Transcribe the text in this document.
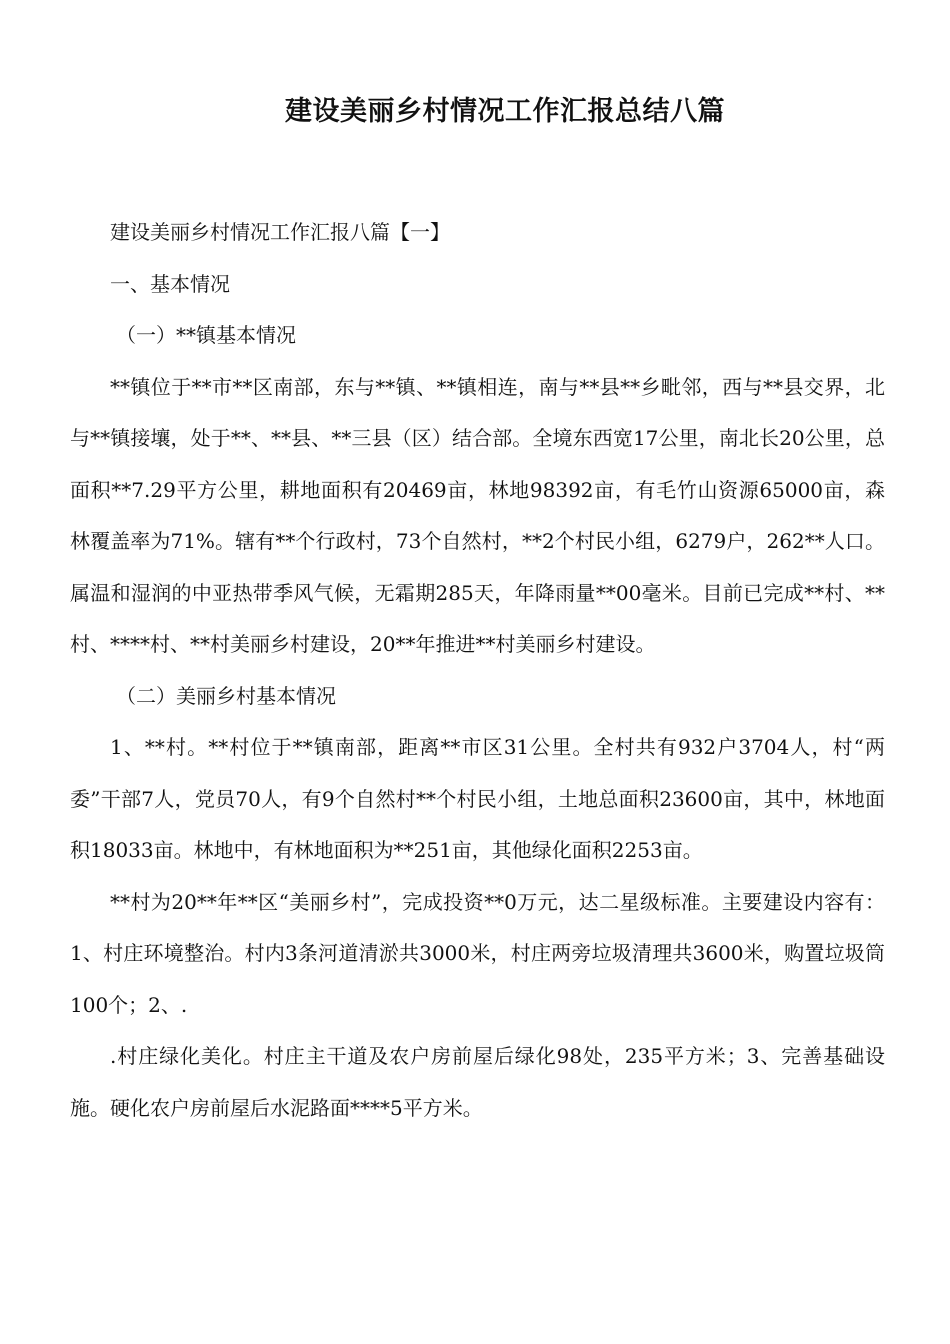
建设美丽乡村情况工作汇报总结八篇

建设美丽乡村情况工作汇报八篇【一】

一、基本情况

（一）**镇基本情况

**镇位于**市**区南部，东与**镇、**镇相连，南与**县**乡毗邻，西与**县交界，北与**镇接壤，处于**、**县、**三县（区）结合部。全境东西宽17公里，南北长20公里，总面积**7.29平方公里，耕地面积有20469亩，林地98392亩，有毛竹山资源65000亩，森林覆盖率为71%。辖有**个行政村，73个自然村，**2个村民小组，6279户，262**人口。属温和湿润的中亚热带季风气候，无霜期285天，年降雨量**00毫米。目前已完成**村、**村、****村、**村美丽乡村建设，20**年推进**村美丽乡村建设。

（二）美丽乡村基本情况

1、**村。**村位于**镇南部，距离**市区31公里。全村共有932户3704人，村“两委”干部7人，党员70人，有9个自然村**个村民小组，土地总面积23600亩，其中，林地面积18033亩。林地中，有林地面积为**251亩，其他绿化面积2253亩。

**村为20**年**区“美丽乡村”，完成投资**0万元，达二星级标准。主要建设内容有：1、村庄环境整治。村内3条河道清淤共3000米，村庄两旁垃圾清理共3600米，购置垃圾筒100个；2、.

.村庄绿化美化。村庄主干道及农户房前屋后绿化98处，235平方米；3、完善基础设施。硬化农户房前屋后水泥路面****5平方米。
